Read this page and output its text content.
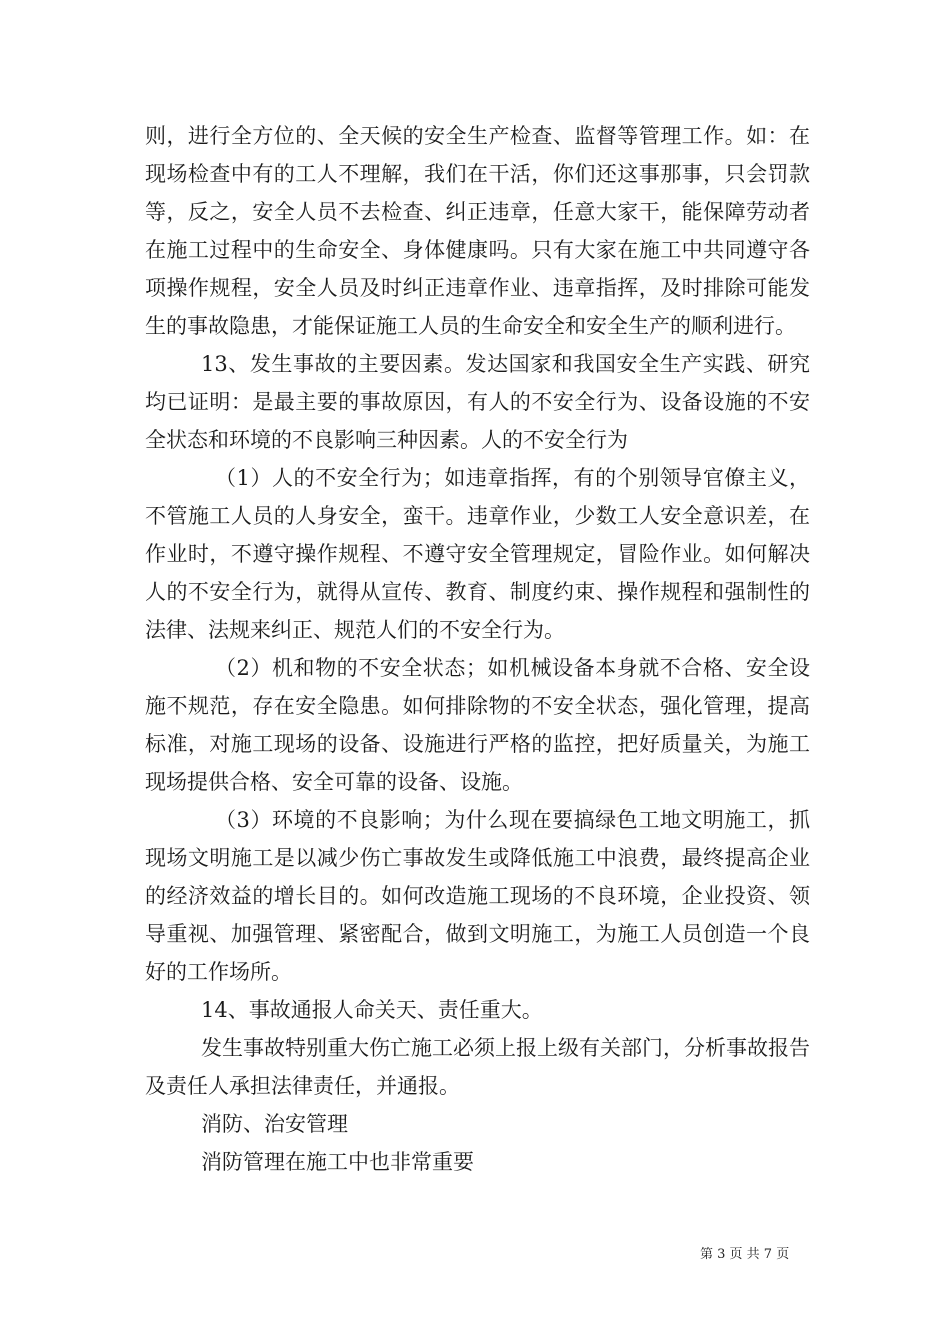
则，进行全方位的、全天候的安全生产检查、监督等管理工作。如：在现场检查中有的工人不理解，我们在干活，你们还这事那事，只会罚款等，反之，安全人员不去检查、纠正违章，任意大家干，能保障劳动者在施工过程中的生命安全、身体健康吗。只有大家在施工中共同遵守各项操作规程，安全人员及时纠正违章作业、违章指挥，及时排除可能发生的事故隐患，才能保证施工人员的生命安全和安全生产的顺利进行。

13、发生事故的主要因素。发达国家和我国安全生产实践、研究均已证明：是最主要的事故原因，有人的不安全行为、设备设施的不安全状态和环境的不良影响三种因素。人的不安全行为

（1）人的不安全行为；如违章指挥，有的个别领导官僚主义，不管施工人员的人身安全，蛮干。违章作业，少数工人安全意识差，在作业时，不遵守操作规程、不遵守安全管理规定，冒险作业。如何解决人的不安全行为，就得从宣传、教育、制度约束、操作规程和强制性的法律、法规来纠正、规范人们的不安全行为。

（2）机和物的不安全状态；如机械设备本身就不合格、安全设施不规范，存在安全隐患。如何排除物的不安全状态，强化管理，提高标准，对施工现场的设备、设施进行严格的监控，把好质量关，为施工现场提供合格、安全可靠的设备、设施。

（3）环境的不良影响；为什么现在要搞绿色工地文明施工，抓现场文明施工是以减少伤亡事故发生或降低施工中浪费，最终提高企业的经济效益的增长目的。如何改造施工现场的不良环境，企业投资、领导重视、加强管理、紧密配合，做到文明施工，为施工人员创造一个良好的工作场所。

14、事故通报人命关天、责任重大。

发生事故特别重大伤亡施工必须上报上级有关部门，分析事故报告及责任人承担法律责任，并通报。

消防、治安管理

消防管理在施工中也非常重要

第 3 页 共 7 页
